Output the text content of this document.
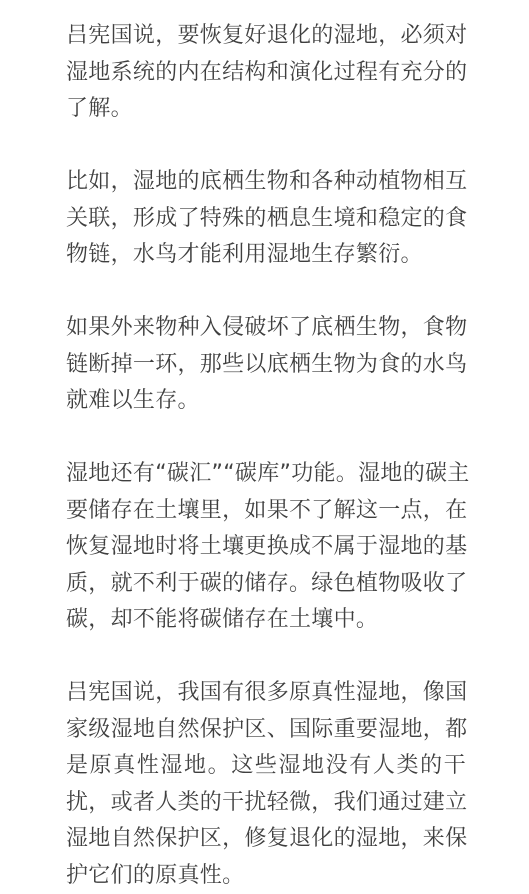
吕宪国说，要恢复好退化的湿地，必须对
湿地系统的内在结构和演化过程有充分的
了解。

比如，湿地的底栖生物和各种动植物相互
关联，形成了特殊的栖息生境和稳定的食
物链，水鸟才能利用湿地生存繁衍。

如果外来物种入侵破坏了底栖生物，食物
链断掉一环，那些以底栖生物为食的水鸟
就难以生存。

湿地还有“碳汇”“碳库”功能。湿地的碳主
要储存在土壤里，如果不了解这一点，在
恢复湿地时将土壤更换成不属于湿地的基
质，就不利于碳的储存。绿色植物吸收了
碳，却不能将碳储存在土壤中。

吕宪国说，我国有很多原真性湿地，像国
家级湿地自然保护区、国际重要湿地，都
是原真性湿地。这些湿地没有人类的干
扰，或者人类的干扰轻微，我们通过建立
湿地自然保护区，修复退化的湿地，来保
护它们的原真性。
